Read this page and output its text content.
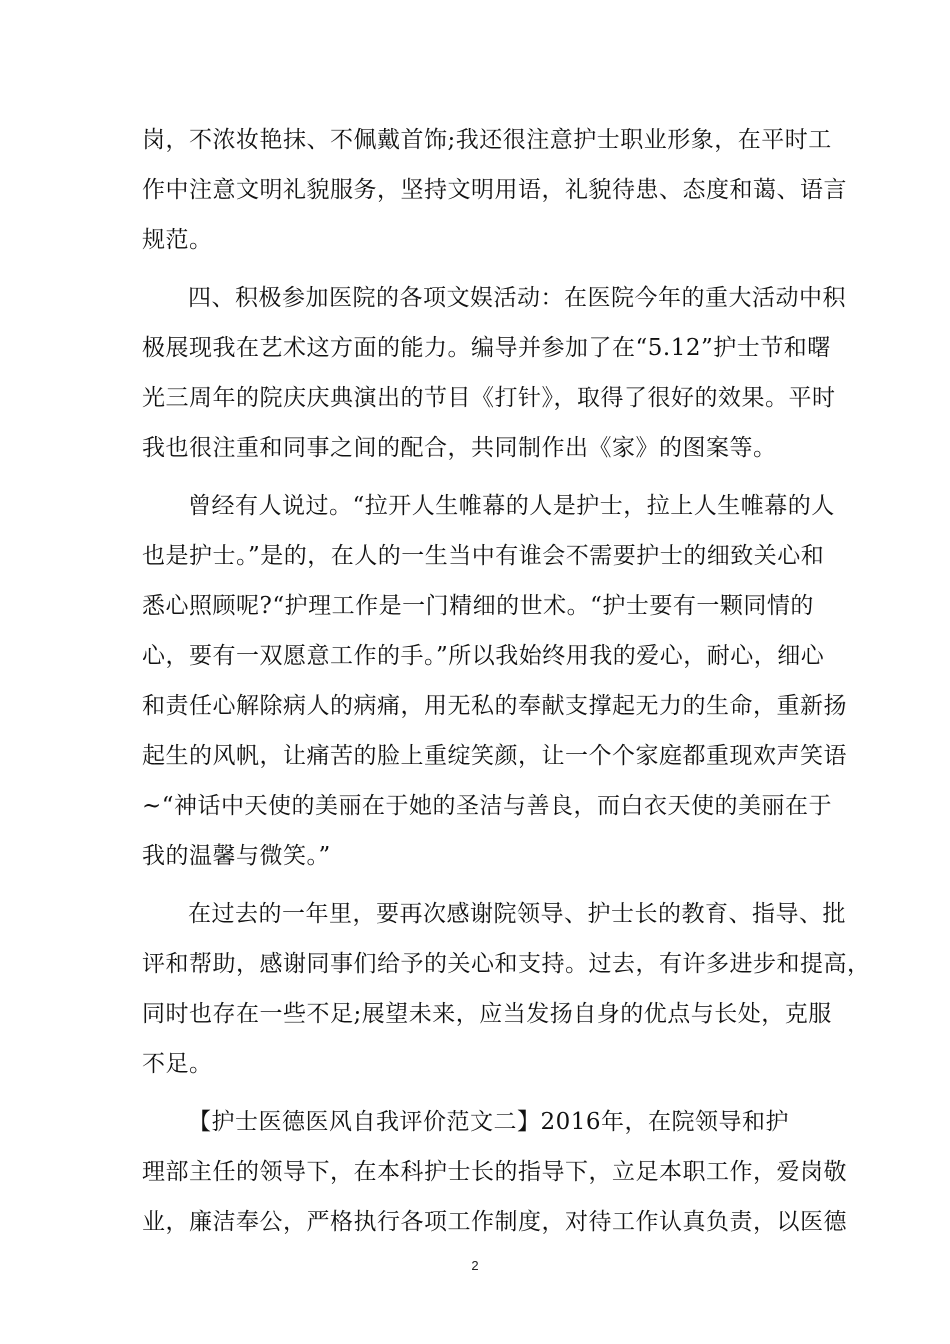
岗，不浓妆艳抹、不佩戴首饰;我还很注意护士职业形象，在平时工
作中注意文明礼貌服务，坚持文明用语，礼貌待患、态度和蔼、语言
规范。
四、积极参加医院的各项文娱活动：在医院今年的重大活动中积
极展现我在艺术这方面的能力。编导并参加了在“5.12”护士节和曙
光三周年的院庆庆典演出的节目《打针》，取得了很好的效果。平时
我也很注重和同事之间的配合，共同制作出《家》的图案等。
曾经有人说过。“拉开人生帷幕的人是护士，拉上人生帷幕的人
也是护士。”是的，在人的一生当中有谁会不需要护士的细致关心和
悉心照顾呢?“护理工作是一门精细的世术。“护士要有一颗同情的
心，要有一双愿意工作的手。”所以我始终用我的爱心，耐心，细心
和责任心解除病人的病痛，用无私的奉献支撑起无力的生命，重新扬
起生的风帆，让痛苦的脸上重绽笑颜，让一个个家庭都重现欢声笑语
~“神话中天使的美丽在于她的圣洁与善良，而白衣天使的美丽在于
我的温馨与微笑。”
在过去的一年里，要再次感谢院领导、护士长的教育、指导、批
评和帮助，感谢同事们给予的关心和支持。过去，有许多进步和提高，
同时也存在一些不足;展望未来，应当发扬自身的优点与长处，克服
不足。
【护士医德医风自我评价范文二】2016年，在院领导和护
理部主任的领导下，在本科护士长的指导下，立足本职工作，爱岗敬
业，廉洁奉公，严格执行各项工作制度，对待工作认真负责，以医德
2
